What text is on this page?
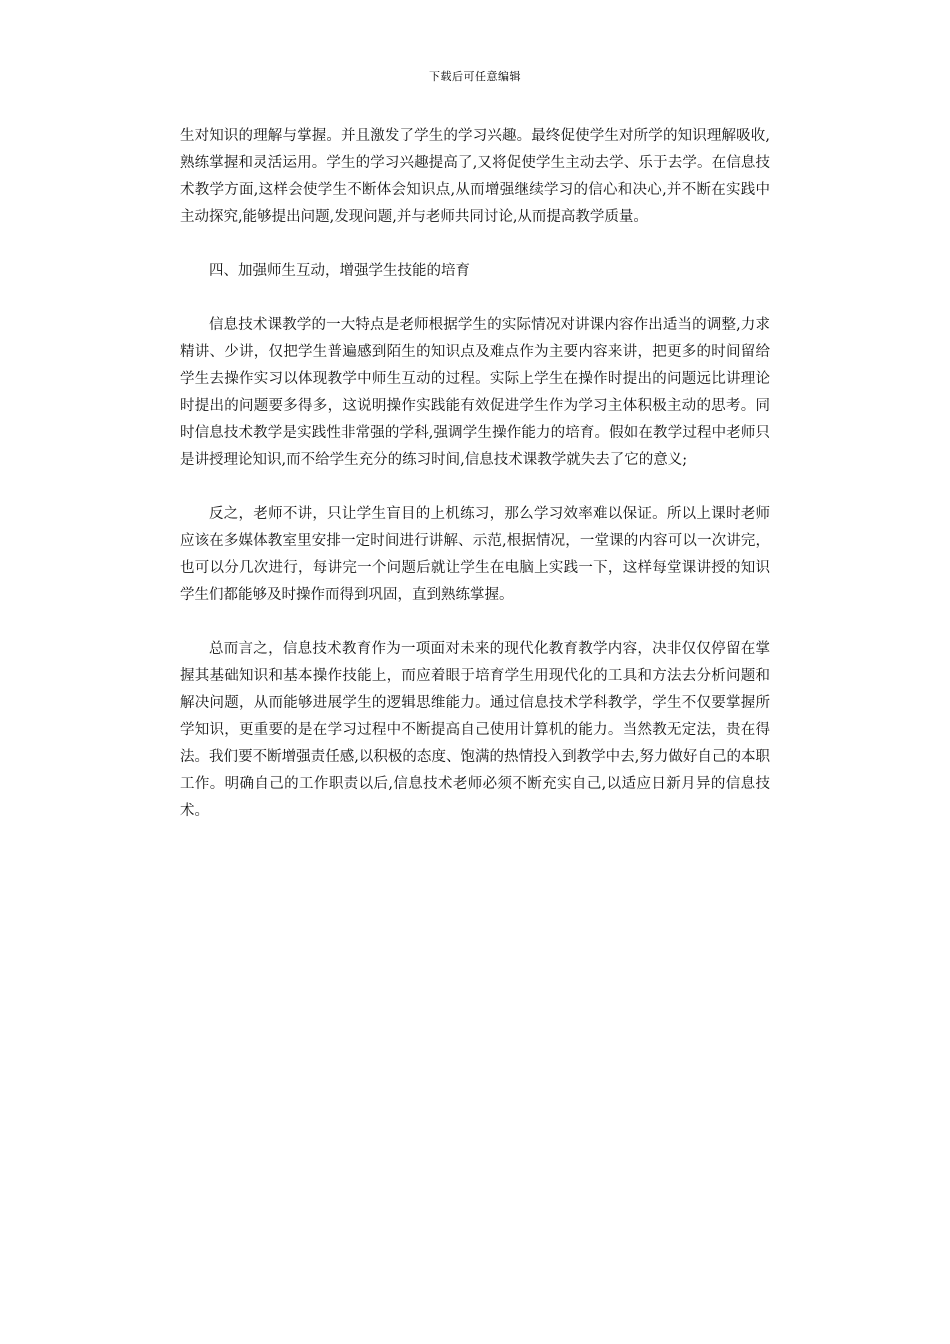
下载后可任意编辑

生对知识的理解与掌握。并且激发了学生的学习兴趣。最终促使学生对所学的知识理解吸收,熟练掌握和灵活运用。学生的学习兴趣提高了,又将促使学生主动去学、乐于去学。在信息技术教学方面,这样会使学生不断体会知识点,从而增强继续学习的信心和决心,并不断在实践中主动探究,能够提出问题,发现问题,并与老师共同讨论,从而提高教学质量。

四、加强师生互动，增强学生技能的培育

信息技术课教学的一大特点是老师根据学生的实际情况对讲课内容作出适当的调整,力求精讲、少讲，仅把学生普遍感到陌生的知识点及难点作为主要内容来讲，把更多的时间留给学生去操作实习以体现教学中师生互动的过程。实际上学生在操作时提出的问题远比讲理论时提出的问题要多得多，这说明操作实践能有效促进学生作为学习主体积极主动的思考。同时信息技术教学是实践性非常强的学科,强调学生操作能力的培育。假如在教学过程中老师只是讲授理论知识,而不给学生充分的练习时间,信息技术课教学就失去了它的意义;

反之，老师不讲，只让学生盲目的上机练习，那么学习效率难以保证。所以上课时老师应该在多媒体教室里安排一定时间进行讲解、示范,根据情况，一堂课的内容可以一次讲完，也可以分几次进行，每讲完一个问题后就让学生在电脑上实践一下，这样每堂课讲授的知识学生们都能够及时操作而得到巩固，直到熟练掌握。

总而言之，信息技术教育作为一项面对未来的现代化教育教学内容，决非仅仅停留在掌握其基础知识和基本操作技能上，而应着眼于培育学生用现代化的工具和方法去分析问题和解决问题，从而能够进展学生的逻辑思维能力。通过信息技术学科教学，学生不仅要掌握所学知识，更重要的是在学习过程中不断提高自己使用计算机的能力。当然教无定法，贵在得法。我们要不断增强责任感,以积极的态度、饱满的热情投入到教学中去,努力做好自己的本职工作。明确自己的工作职责以后,信息技术老师必须不断充实自己,以适应日新月异的信息技术。
